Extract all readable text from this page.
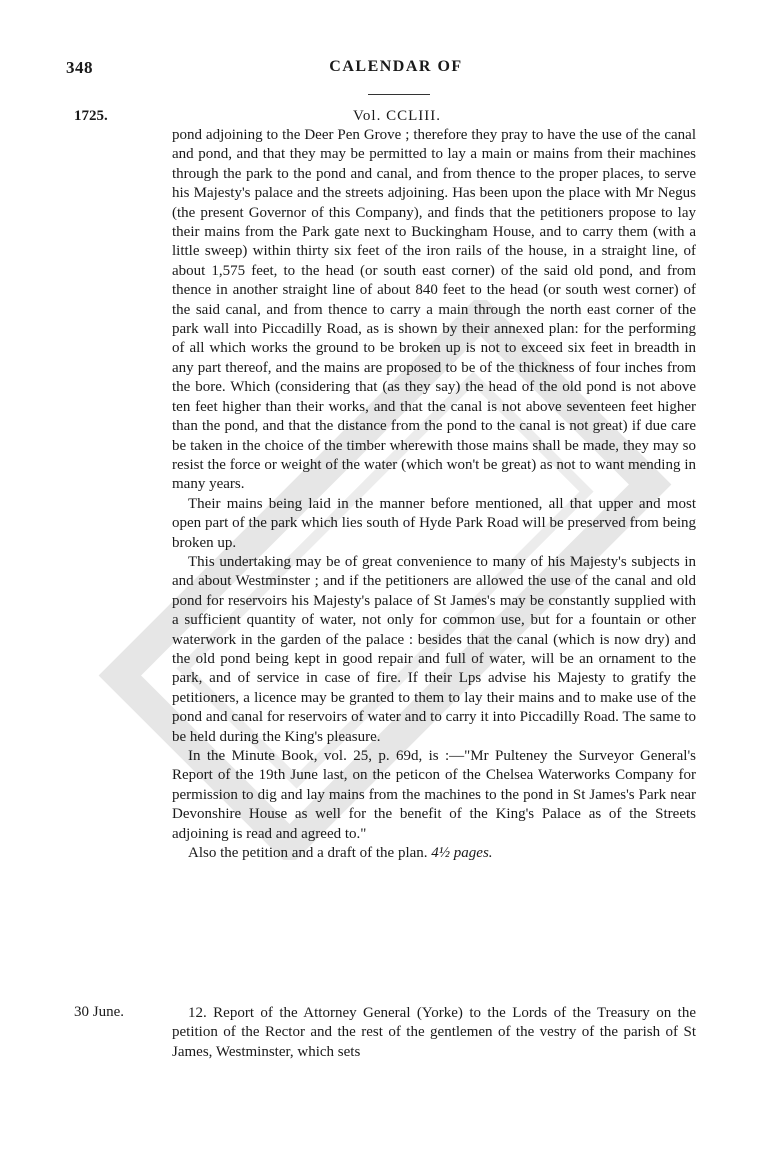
348	CALENDAR OF
1725.	Vol. CCLIII.

pond adjoining to the Deer Pen Grove ; therefore they pray to have the use of the canal and pond, and that they may be permitted to lay a main or mains from their machines through the park to the pond and canal, and from thence to the proper places, to serve his Majesty's palace and the streets adjoining. Has been upon the place with Mr Negus (the present Governor of this Company), and finds that the petitioners propose to lay their mains from the Park gate next to Buckingham House, and to carry them (with a little sweep) within thirty six feet of the iron rails of the house, in a straight line, of about 1,575 feet, to the head (or south east corner) of the said old pond, and from thence in another straight line of about 840 feet to the head (or south west corner) of the said canal, and from thence to carry a main through the north east corner of the park wall into Piccadilly Road, as is shown by their annexed plan: for the performing of all which works the ground to be broken up is not to exceed six feet in breadth in any part thereof, and the mains are proposed to be of the thickness of four inches from the bore. Which (considering that (as they say) the head of the old pond is not above ten feet higher than their works, and that the canal is not above seventeen feet higher than the pond, and that the distance from the pond to the canal is not great) if due care be taken in the choice of the timber wherewith those mains shall be made, they may so resist the force or weight of the water (which won't be great) as not to want mending in many years.

Their mains being laid in the manner before mentioned, all that upper and most open part of the park which lies south of Hyde Park Road will be preserved from being broken up.

This undertaking may be of great convenience to many of his Majesty's subjects in and about Westminster ; and if the petitioners are allowed the use of the canal and old pond for reservoirs his Majesty's palace of St James's may be constantly supplied with a sufficient quantity of water, not only for common use, but for a fountain or other waterwork in the garden of the palace : besides that the canal (which is now dry) and the old pond being kept in good repair and full of water, will be an ornament to the park, and of service in case of fire. If their Lps advise his Majesty to gratify the petitioners, a licence may be granted to them to lay their mains and to make use of the pond and canal for reservoirs of water and to carry it into Piccadilly Road. The same to be held during the King's pleasure.

In the Minute Book, vol. 25, p. 69d, is :—"Mr Pulteney the Surveyor General's Report of the 19th June last, on the peticon of the Chelsea Waterworks Company for permission to dig and lay mains from the machines to the pond in St James's Park near Devonshire House as well for the benefit of the King's Palace as of the Streets adjoining is read and agreed to."

Also the petition and a draft of the plan. 4½ pages.

30 June.	12. Report of the Attorney General (Yorke) to the Lords of the Treasury on the petition of the Rector and the rest of the gentlemen of the vestry of the parish of St James, Westminster, which sets
